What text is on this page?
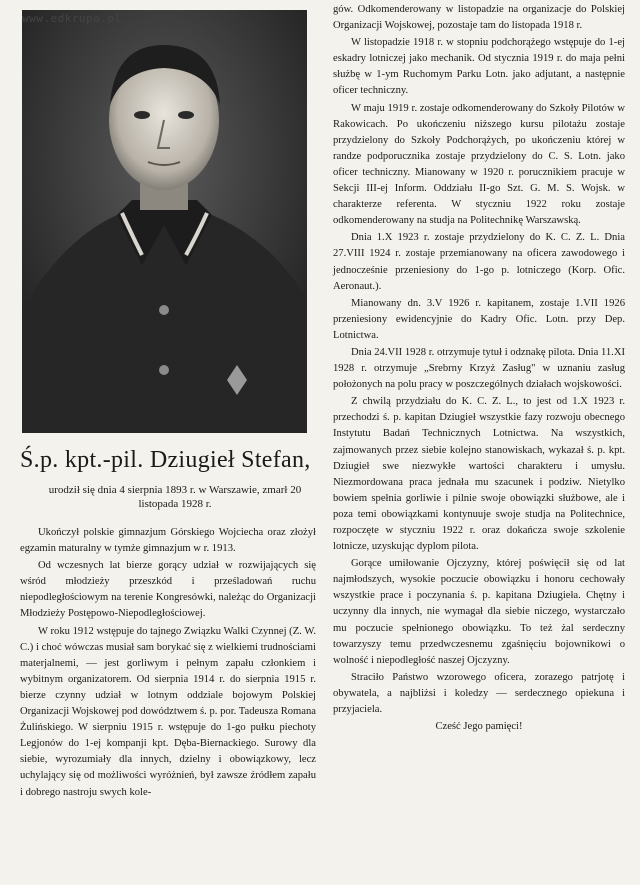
www.edkrupa.pl
Ś.p. kpt.-pil. Dziugieł Stefan,
urodził się dnia 4 sierpnia 1893 r. w Warszawie, zmarł 20 listopada 1928 r.

Ukończył polskie gimnazjum Górskiego Wojciecha oraz złożył egzamin maturalny w tymże gimnazjum w r. 1913.

Od wczesnych lat bierze gorący udział w rozwijających się wśród młodzieży przeszkód i prześladowań ruchu niepodległościowym na terenie Kongresówki, należąc do Organizacji Młodzieży Postępowo-Niepodległościowej.

W roku 1912 wstępuje do tajnego Związku Walki Czynnej (Z. W. C.) i choć wówczas musiał sam borykać się z wielkiemi trudnościami materjalnemi, — jest gorliwym i pełnym zapału członkiem i wybitnym organizatorem. Od sierpnia 1914 r. do sierpnia 1915 r. bierze czynny udział w lotnym oddziale bojowym Polskiej Organizacji Wojskowej pod dowództwem ś. p. por. Tadeusza Romana Żulińskiego. W sierpniu 1915 r. wstępuje do 1-go pułku piechoty Legjonów do 1-ej kompanji kpt. Dęba-Biernackiego. Surowy dla siebie, wyrozumiały dla innych, dzielny i obowiązkowy, lecz uchylający się od możliwości wyróżnień, był zawsze źródłem zapału i dobrego nastroju swych kole-

gów. Odkomenderowany w listopadzie na organizacje do Polskiej Organizacji Wojskowej, pozostaje tam do listopada 1918 r.

W listopadzie 1918 r. w stopniu podchorążego wstępuje do 1-ej eskadry lotniczej jako mechanik. Od stycznia 1919 r. do maja pełni służbę w 1-ym Ruchomym Parku Lotn. jako adjutant, a następnie oficer techniczny.

W maju 1919 r. zostaje odkomenderowany do Szkoły Pilotów w Rakowicach. Po ukończeniu niższego kursu pilotażu zostaje przydzielony do Szkoły Podchorążych, po ukończeniu której w randze podporucznika zostaje przydzielony do C. S. Lotn. jako oficer techniczny. Mianowany w 1920 r. porucznikiem pracuje w Sekcji III-ej Inform. Oddziału II-go Szt. G. M. S. Wojsk. w charakterze referenta. W styczniu 1922 roku zostaje odkomenderowany na studja na Politechnikę Warszawską.

Dnia 1.X 1923 r. zostaje przydzielony do K. C. Z. L. Dnia 27.VIII 1924 r. zostaje przemianowany na oficera zawodowego i jednocześnie przeniesiony do 1-go p. lotniczego (Korp. Ofic. Aeronaut.).

Mianowany dn. 3.V 1926 r. kapitanem, zostaje 1.VII 1926 przeniesiony ewidencyjnie do Kadry Ofic. Lotn. przy Dep. Lotnictwa.

Dnia 24.VII 1928 r. otrzymuje tytuł i odznakę pilota. Dnia 11.XI 1928 r. otrzymuje „Srebrny Krzyż Zasług" w uznaniu zasług położonych na polu pracy w poszczególnych działach wojskowości.

Z chwilą przydziału do K. C. Z. L., to jest od 1.X 1923 r. przechodzi ś. p. kapitan Dziugieł wszystkie fazy rozwoju obecnego Instytutu Badań Technicznych Lotnictwa. Na wszystkich, zajmowanych przez siebie kolejno stanowiskach, wykazał ś. p. kpt. Dziugieł swe niezwykłe wartości charakteru i umysłu. Niezmordowana praca jednała mu szacunek i podziw. Nietylko bowiem spełnia gorliwie i pilnie swoje obowiązki służbowe, ale i poza temi obowiązkami kontynuuje swoje studja na Politechnice, rozpoczęte w styczniu 1922 r. oraz dokańcza swoje szkolenie lotnicze, uzyskując dyplom pilota.

Gorące umiłowanie Ojczyzny, której poświęcił się od lat najmłodszych, wysokie poczucie obowiązku i honoru cechowały wszystkie prace i poczynania ś. p. kapitana Dziugieła. Chętny i uczynny dla innych, nie wymagał dla siebie niczego, wystarczało mu poczucie spełnionego obowiązku. To też żal serdeczny towarzyszy temu przedwczesnemu zgaśnięciu bojownikowi o wolność i niepodległość naszej Ojczyzny.

Straciło Państwo wzorowego oficera, zorazego patrjotę i obywatela, a najbliżsi i koledzy — serdecznego opiekuna i przyjaciela.

Cześć Jego pamięci!
